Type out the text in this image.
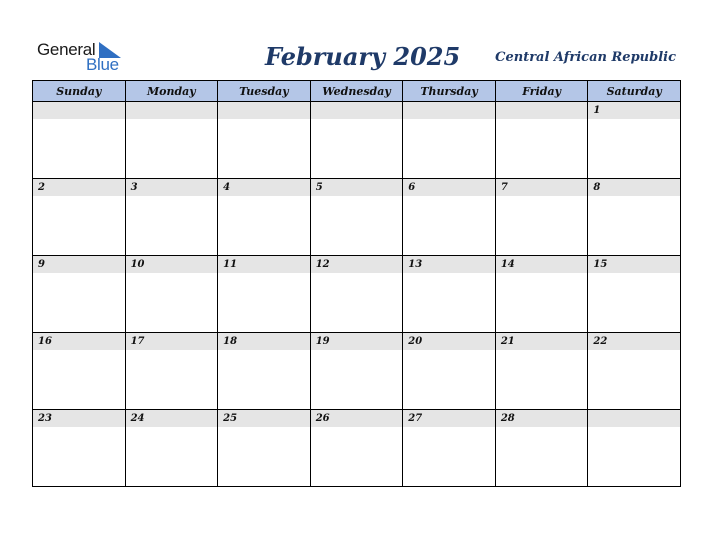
General
Blue	February 2025	Central African Republic
Sunday	Monday	Tuesday	Wednesday	Thursday	Friday	Saturday

						1

2	3	4	5	6	7	8

9	10	11	12	13	14	15

16	17	18	19	20	21	22

23	24	25	26	27	28	
